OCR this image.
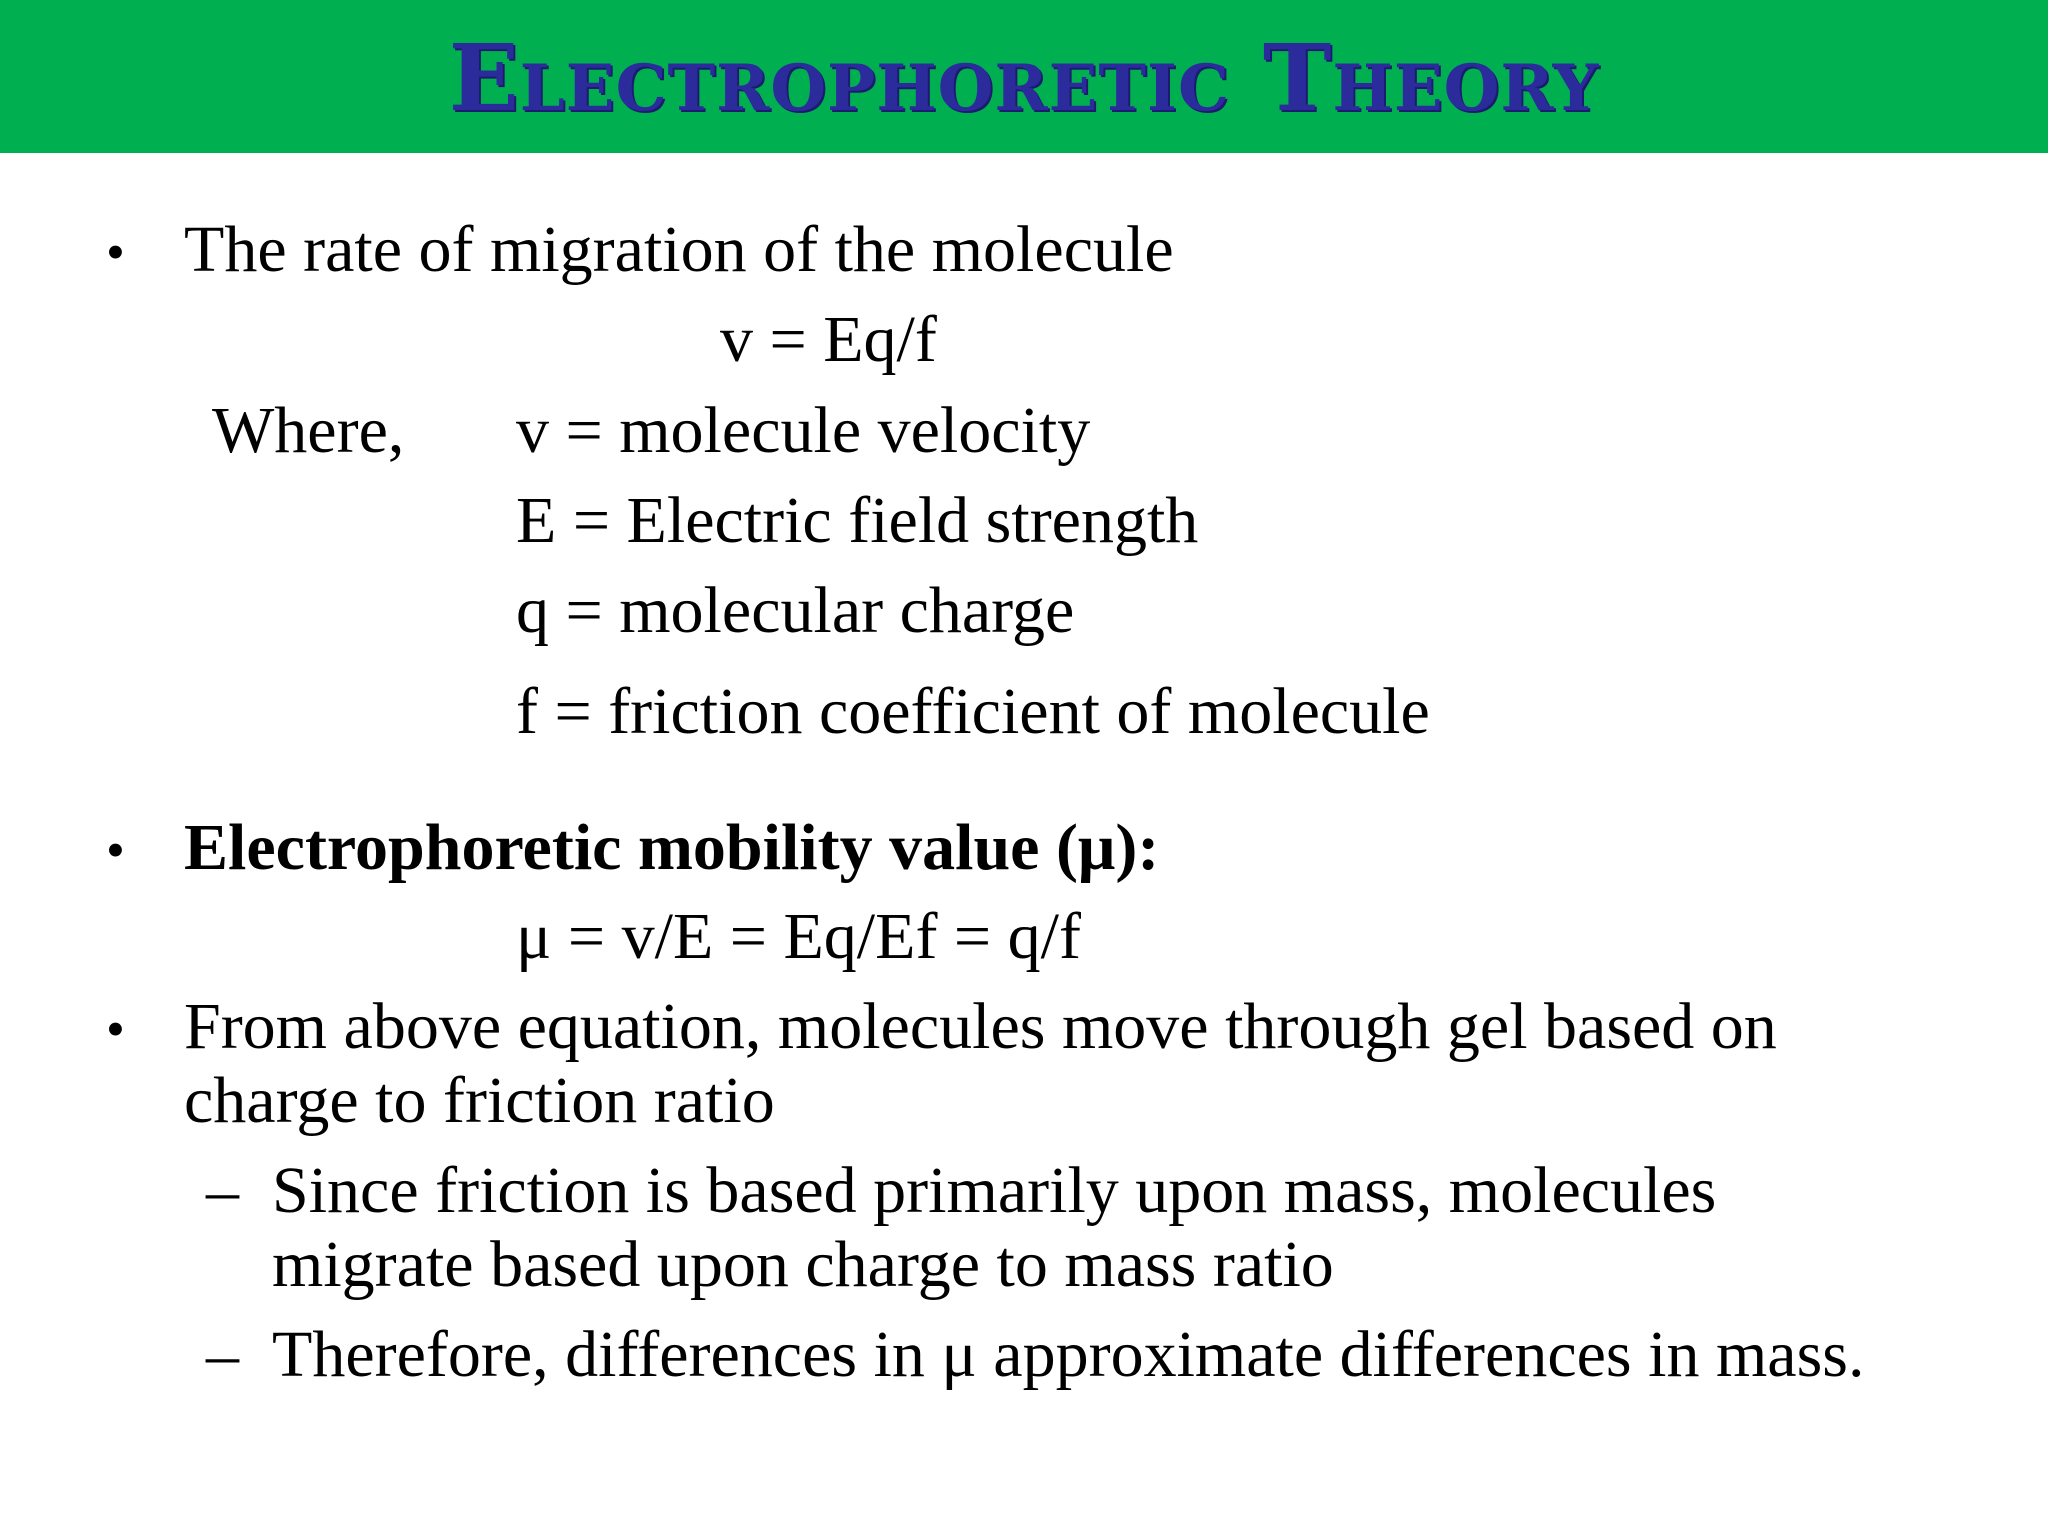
Electrophoretic Theory
• The rate of migration of the molecule
v = Eq/f
Where, v = molecule velocity
E = Electric field strength
q = molecular charge
f = friction coefficient of molecule
• Electrophoretic mobility value (μ):
μ = v/E = Eq/Ef = q/f
• From above equation, molecules move through gel based on
charge to friction ratio
– Since friction is based primarily upon mass, molecules
migrate based upon charge to mass ratio
– Therefore, differences in μ approximate differences in mass.
